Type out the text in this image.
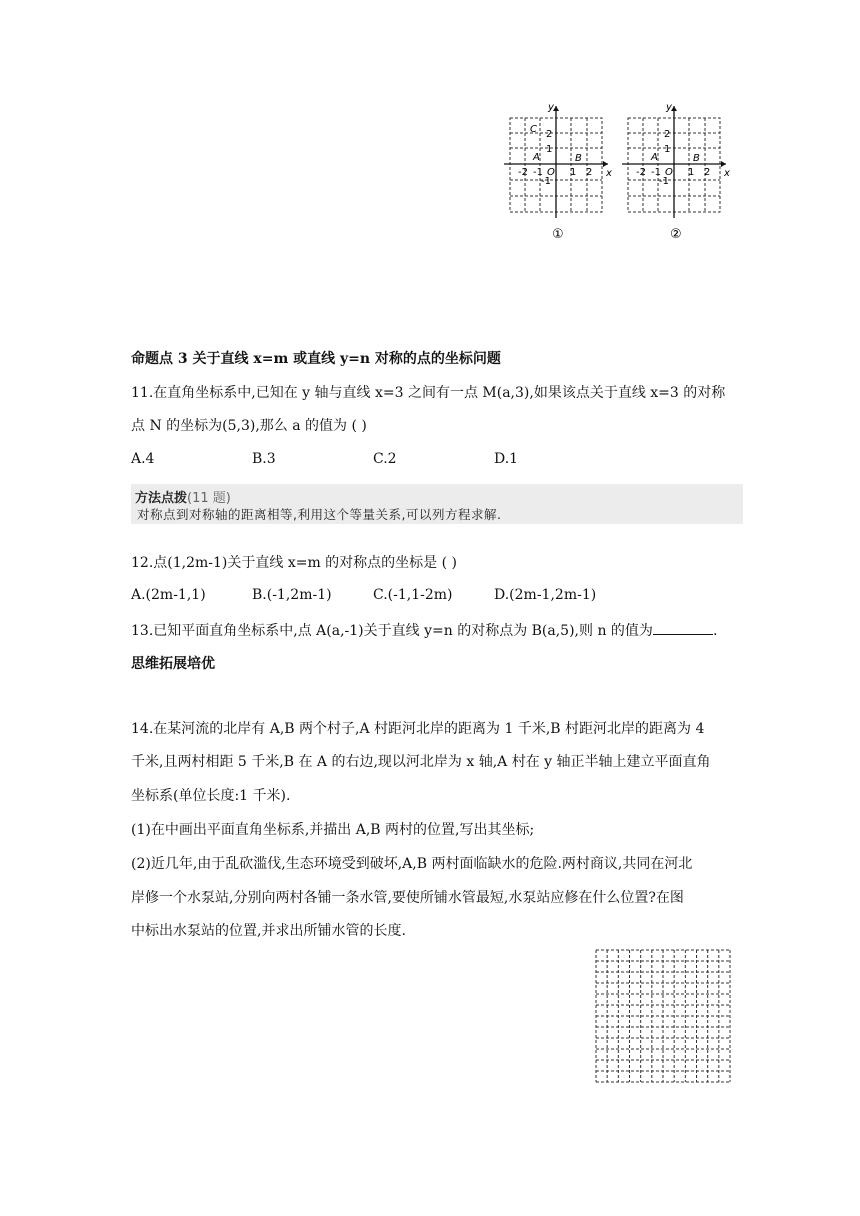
y
x
O
2
1
-1
-2 -1	1 2
C
A	B
①
y
x
O
2
1
-1
-2 -1	1 2
A	B
②
命题点 3 关于直线 x=m 或直线 y=n 对称的点的坐标问题
11.在直角坐标系中,已知在 y 轴与直线 x=3 之间有一点 M(a,3),如果该点关于直线 x=3 的对称
点 N 的坐标为(5,3),那么 a 的值为 ( )
A.4	B.3	C.2	D.1
方法点拨(11 题)
对称点到对称轴的距离相等,利用这个等量关系,可以列方程求解.
12.点(1,2m-1)关于直线 x=m 的对称点的坐标是 ( )
A.(2m-1,1)	B.(-1,2m-1)	C.(-1,1-2m)	D.(2m-1,2m-1)
13.已知平面直角坐标系中,点 A(a,-1)关于直线 y=n 的对称点为 B(a,5),则 n 的值为	.
思维拓展培优
14.在某河流的北岸有 A,B 两个村子,A 村距河北岸的距离为 1 千米,B 村距河北岸的距离为 4
千米,且两村相距 5 千米,B 在 A 的右边,现以河北岸为 x 轴,A 村在 y 轴正半轴上建立平面直角
坐标系(单位长度:1 千米).
(1)在中画出平面直角坐标系,并描出 A,B 两村的位置,写出其坐标;
(2)近几年,由于乱砍滥伐,生态环境受到破坏,A,B 两村面临缺水的危险.两村商议,共同在河北
岸修一个水泵站,分别向两村各铺一条水管,要使所铺水管最短,水泵站应修在什么位置?在图
中标出水泵站的位置,并求出所铺水管的长度.
